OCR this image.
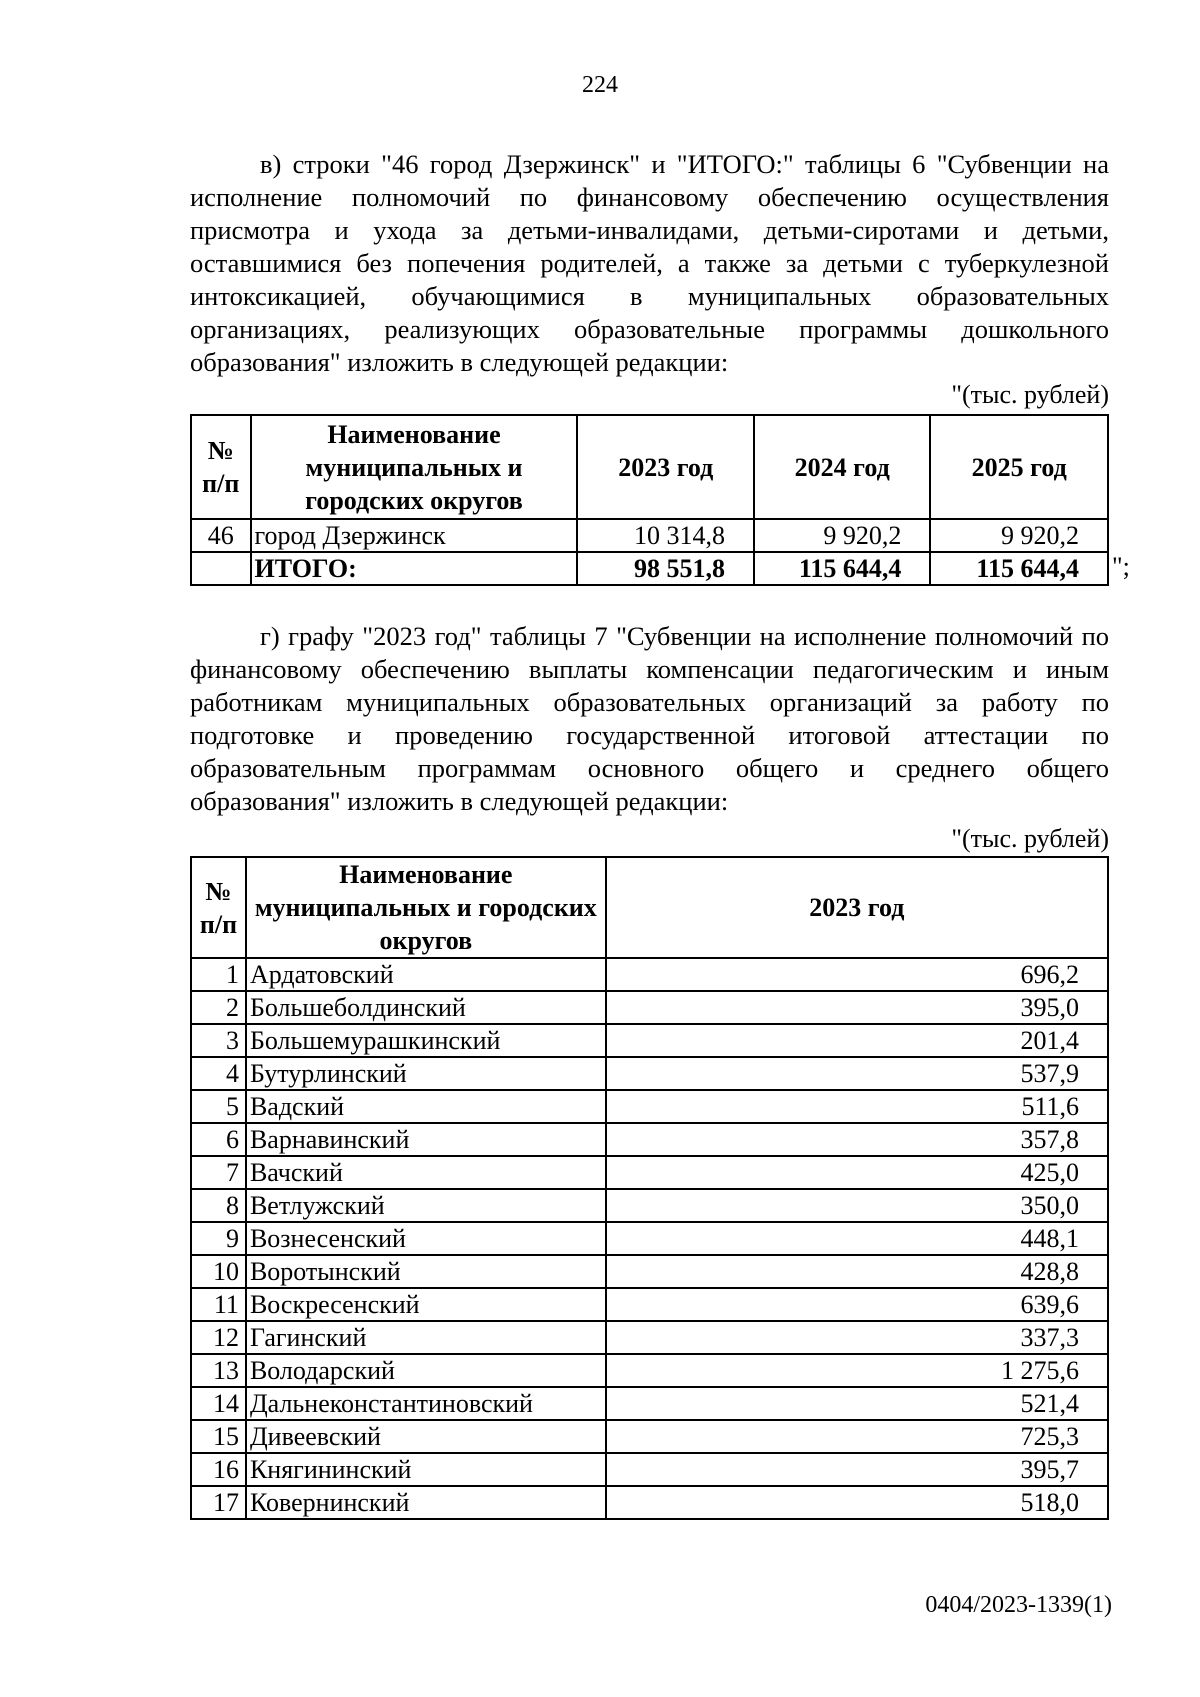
224

в) строки "46 город Дзержинск" и "ИТОГО:" таблицы 6 "Субвенции на исполнение полномочий по финансовому обеспечению осуществления присмотра и ухода за детьми-инвалидами, детьми-сиротами и детьми, оставшимися без попечения родителей, а также за детьми с туберкулезной интоксикацией, обучающимися в муниципальных образовательных организациях, реализующих образовательные программы дошкольного образования" изложить в следующей редакции:

"(тыс. рублей)
№ п/п	Наименование муниципальных и городских округов	2023 год	2024 год	2025 год
46	город Дзержинск	10 314,8	9 920,2	9 920,2
	ИТОГО:	98 551,8	115 644,4	115 644,4 ";

г) графу "2023 год" таблицы 7 "Субвенции на исполнение полномочий по финансовому обеспечению выплаты компенсации педагогическим и иным работникам муниципальных образовательных организаций за работу по подготовке и проведению государственной итоговой аттестации по образовательным программам основного общего и среднего общего образования" изложить в следующей редакции:

"(тыс. рублей)
№ п/п	Наименование муниципальных и городских округов	2023 год
1	Ардатовский	696,2
2	Большеболдинский	395,0
3	Большемурашкинский	201,4
4	Бутурлинский	537,9
5	Вадский	511,6
6	Варнавинский	357,8
7	Вачский	425,0
8	Ветлужский	350,0
9	Вознесенский	448,1
10	Воротынский	428,8
11	Воскресенский	639,6
12	Гагинский	337,3
13	Володарский	1 275,6
14	Дальнеконстантиновский	521,4
15	Дивеевский	725,3
16	Княгининский	395,7
17	Ковернинский	518,0
0404/2023-1339(1)
